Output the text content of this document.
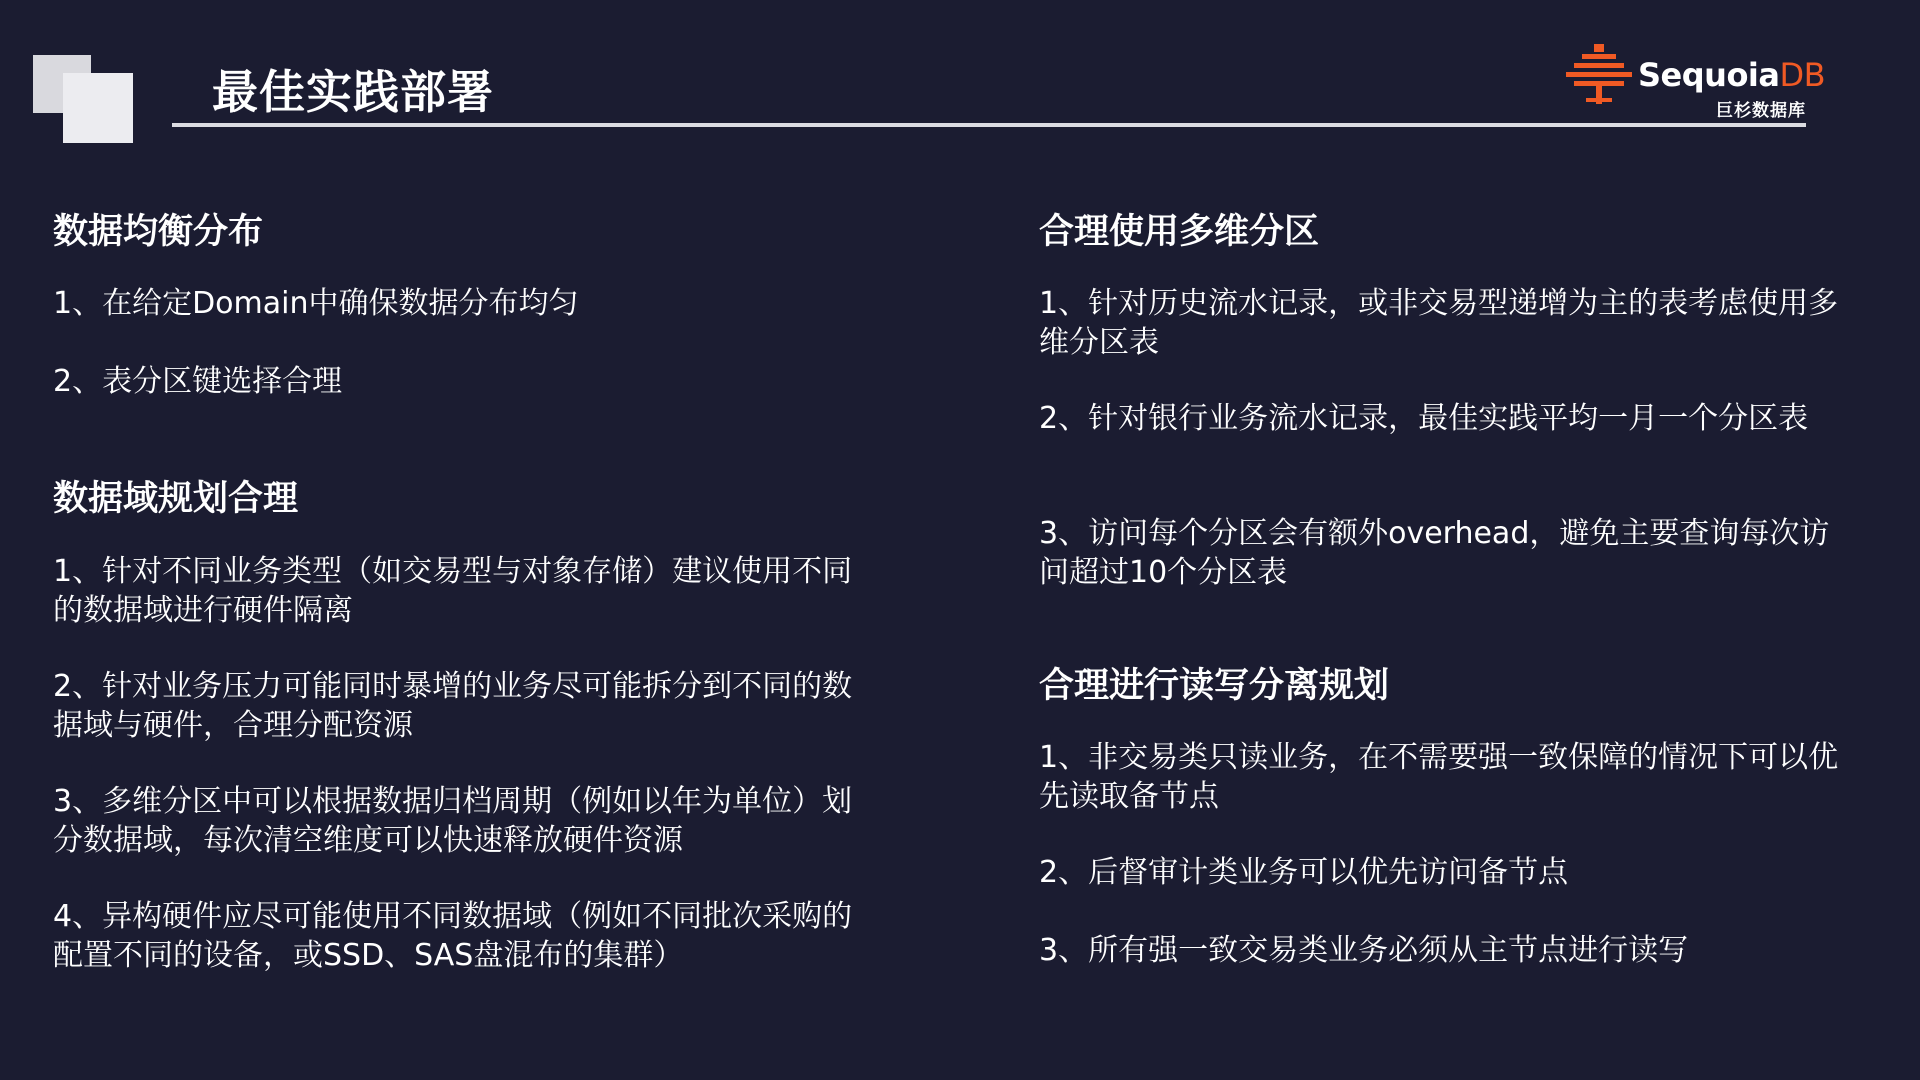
最佳实践部署	SequoiaDB
巨杉数据库
数据均衡分布
1、在给定Domain中确保数据分布均匀
2、表分区键选择合理
数据域规划合理
1、针对不同业务类型（如交易型与对象存储）建议使用不同的数据域进行硬件隔离
2、针对业务压力可能同时暴增的业务尽可能拆分到不同的数据域与硬件，合理分配资源
3、多维分区中可以根据数据归档周期（例如以年为单位）划分数据域，每次清空维度可以快速释放硬件资源
4、异构硬件应尽可能使用不同数据域（例如不同批次采购的配置不同的设备，或SSD、SAS盘混布的集群）
合理使用多维分区
1、针对历史流水记录，或非交易型递增为主的表考虑使用多维分区表
2、针对银行业务流水记录，最佳实践平均一月一个分区表
3、访问每个分区会有额外overhead，避免主要查询每次访问超过10个分区表
合理进行读写分离规划
1、非交易类只读业务，在不需要强一致保障的情况下可以优先读取备节点
2、后督审计类业务可以优先访问备节点
3、所有强一致交易类业务必须从主节点进行读写
